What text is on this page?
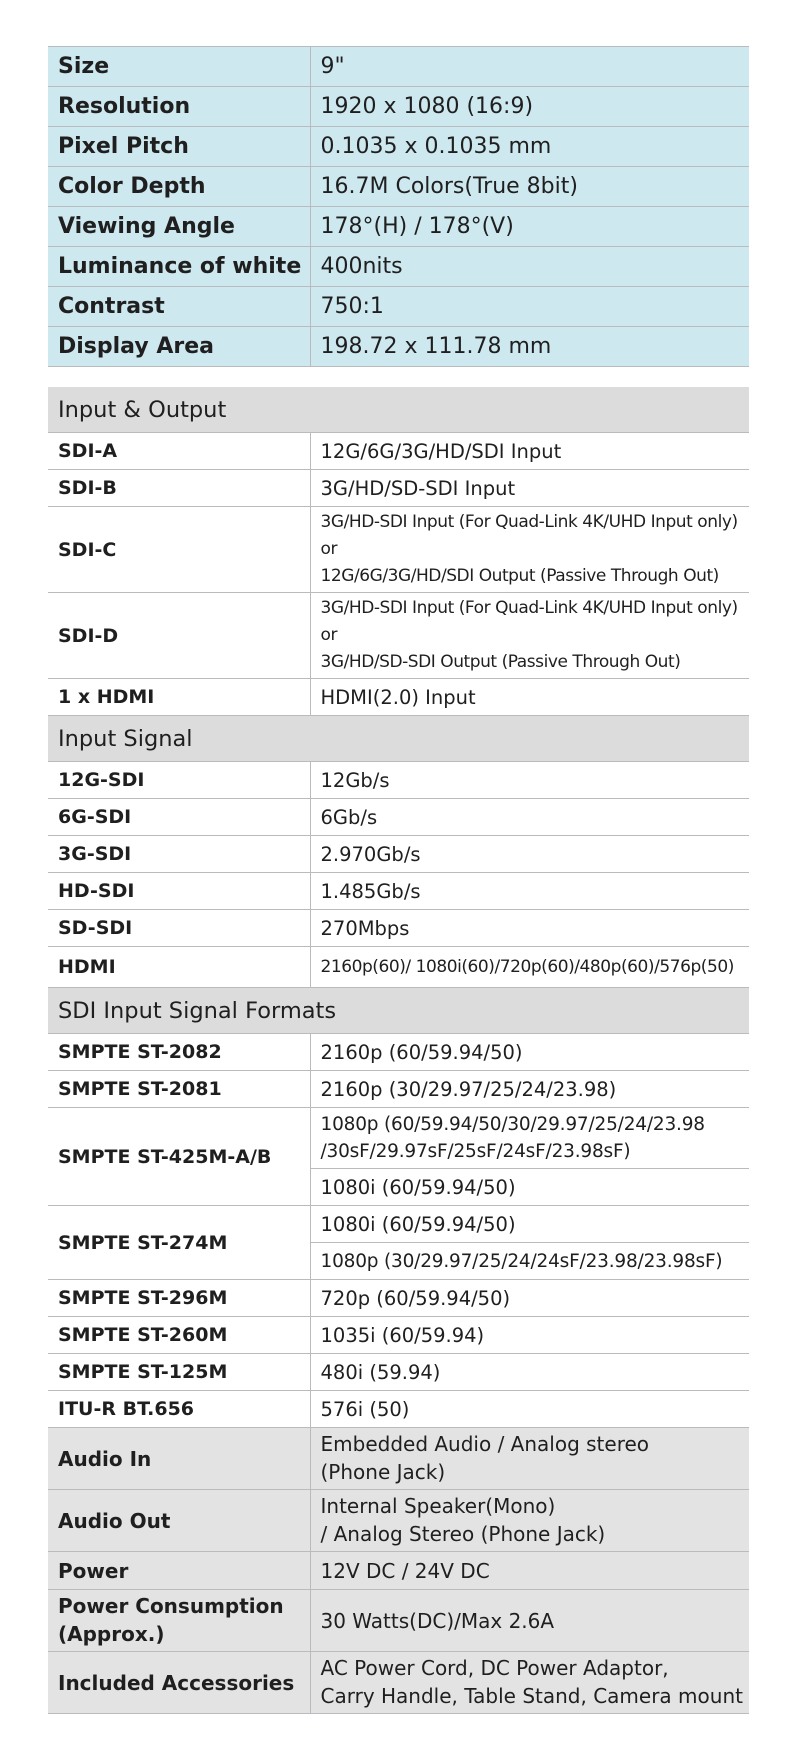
Size	9"
Resolution	1920 x 1080 (16:9)
Pixel Pitch	0.1035 x 0.1035 mm
Color Depth	16.7M Colors(True 8bit)
Viewing Angle	178°(H) / 178°(V)
Luminance of white	400nits
Contrast	750:1
Display Area	198.72 x 111.78 mm
Input & Output	
SDI-A	12G/6G/3G/HD/SDI Input
SDI-B	3G/HD/SD-SDI Input
SDI-C	3G/HD-SDI Input (For Quad-Link 4K/UHD Input only) or
12G/6G/3G/HD/SDI Output (Passive Through Out)

SDI-D	3G/HD-SDI Input (For Quad-Link 4K/UHD Input only) or
3G/HD/SD-SDI Output (Passive Through Out)

1 x HDMI	HDMI(2.0) Input
Input Signal	
12G-SDI	12Gb/s
6G-SDI	6Gb/s
3G-SDI	2.970Gb/s
HD-SDI	1.485Gb/s
SD-SDI	270Mbps
HDMI	2160p(60)/ 1080i(60)/720p(60)/480p(60)/576p(50)
SDI Input Signal Formats	
SMPTE ST-2082	2160p (60/59.94/50)
SMPTE ST-2081	2160p (30/29.97/25/24/23.98)
SMPTE ST-425M-A/B	1080p (60/59.94/50/30/29.97/25/24/23.98
/30sF/29.97sF/25sF/24sF/23.98sF)

	1080i (60/59.94/50)
SMPTE ST-274M	1080i (60/59.94/50)
	1080p (30/29.97/25/24/24sF/23.98/23.98sF)
SMPTE ST-296M	720p (60/59.94/50)
SMPTE ST-260M	1035i (60/59.94)
SMPTE ST-125M	480i (59.94)
ITU-R BT.656	576i (50)
Audio In	Embedded Audio / Analog stereo
(Phone Jack)

Audio Out	Internal Speaker(Mono)
/ Analog Stereo (Phone Jack)

Power	12V DC / 24V DC

Power Consumption
(Approx.)	30 Watts(DC)/Max 2.6A
Included Accessories	AC Power Cord, DC Power Adaptor,
Carry Handle, Table Stand, Camera mount
